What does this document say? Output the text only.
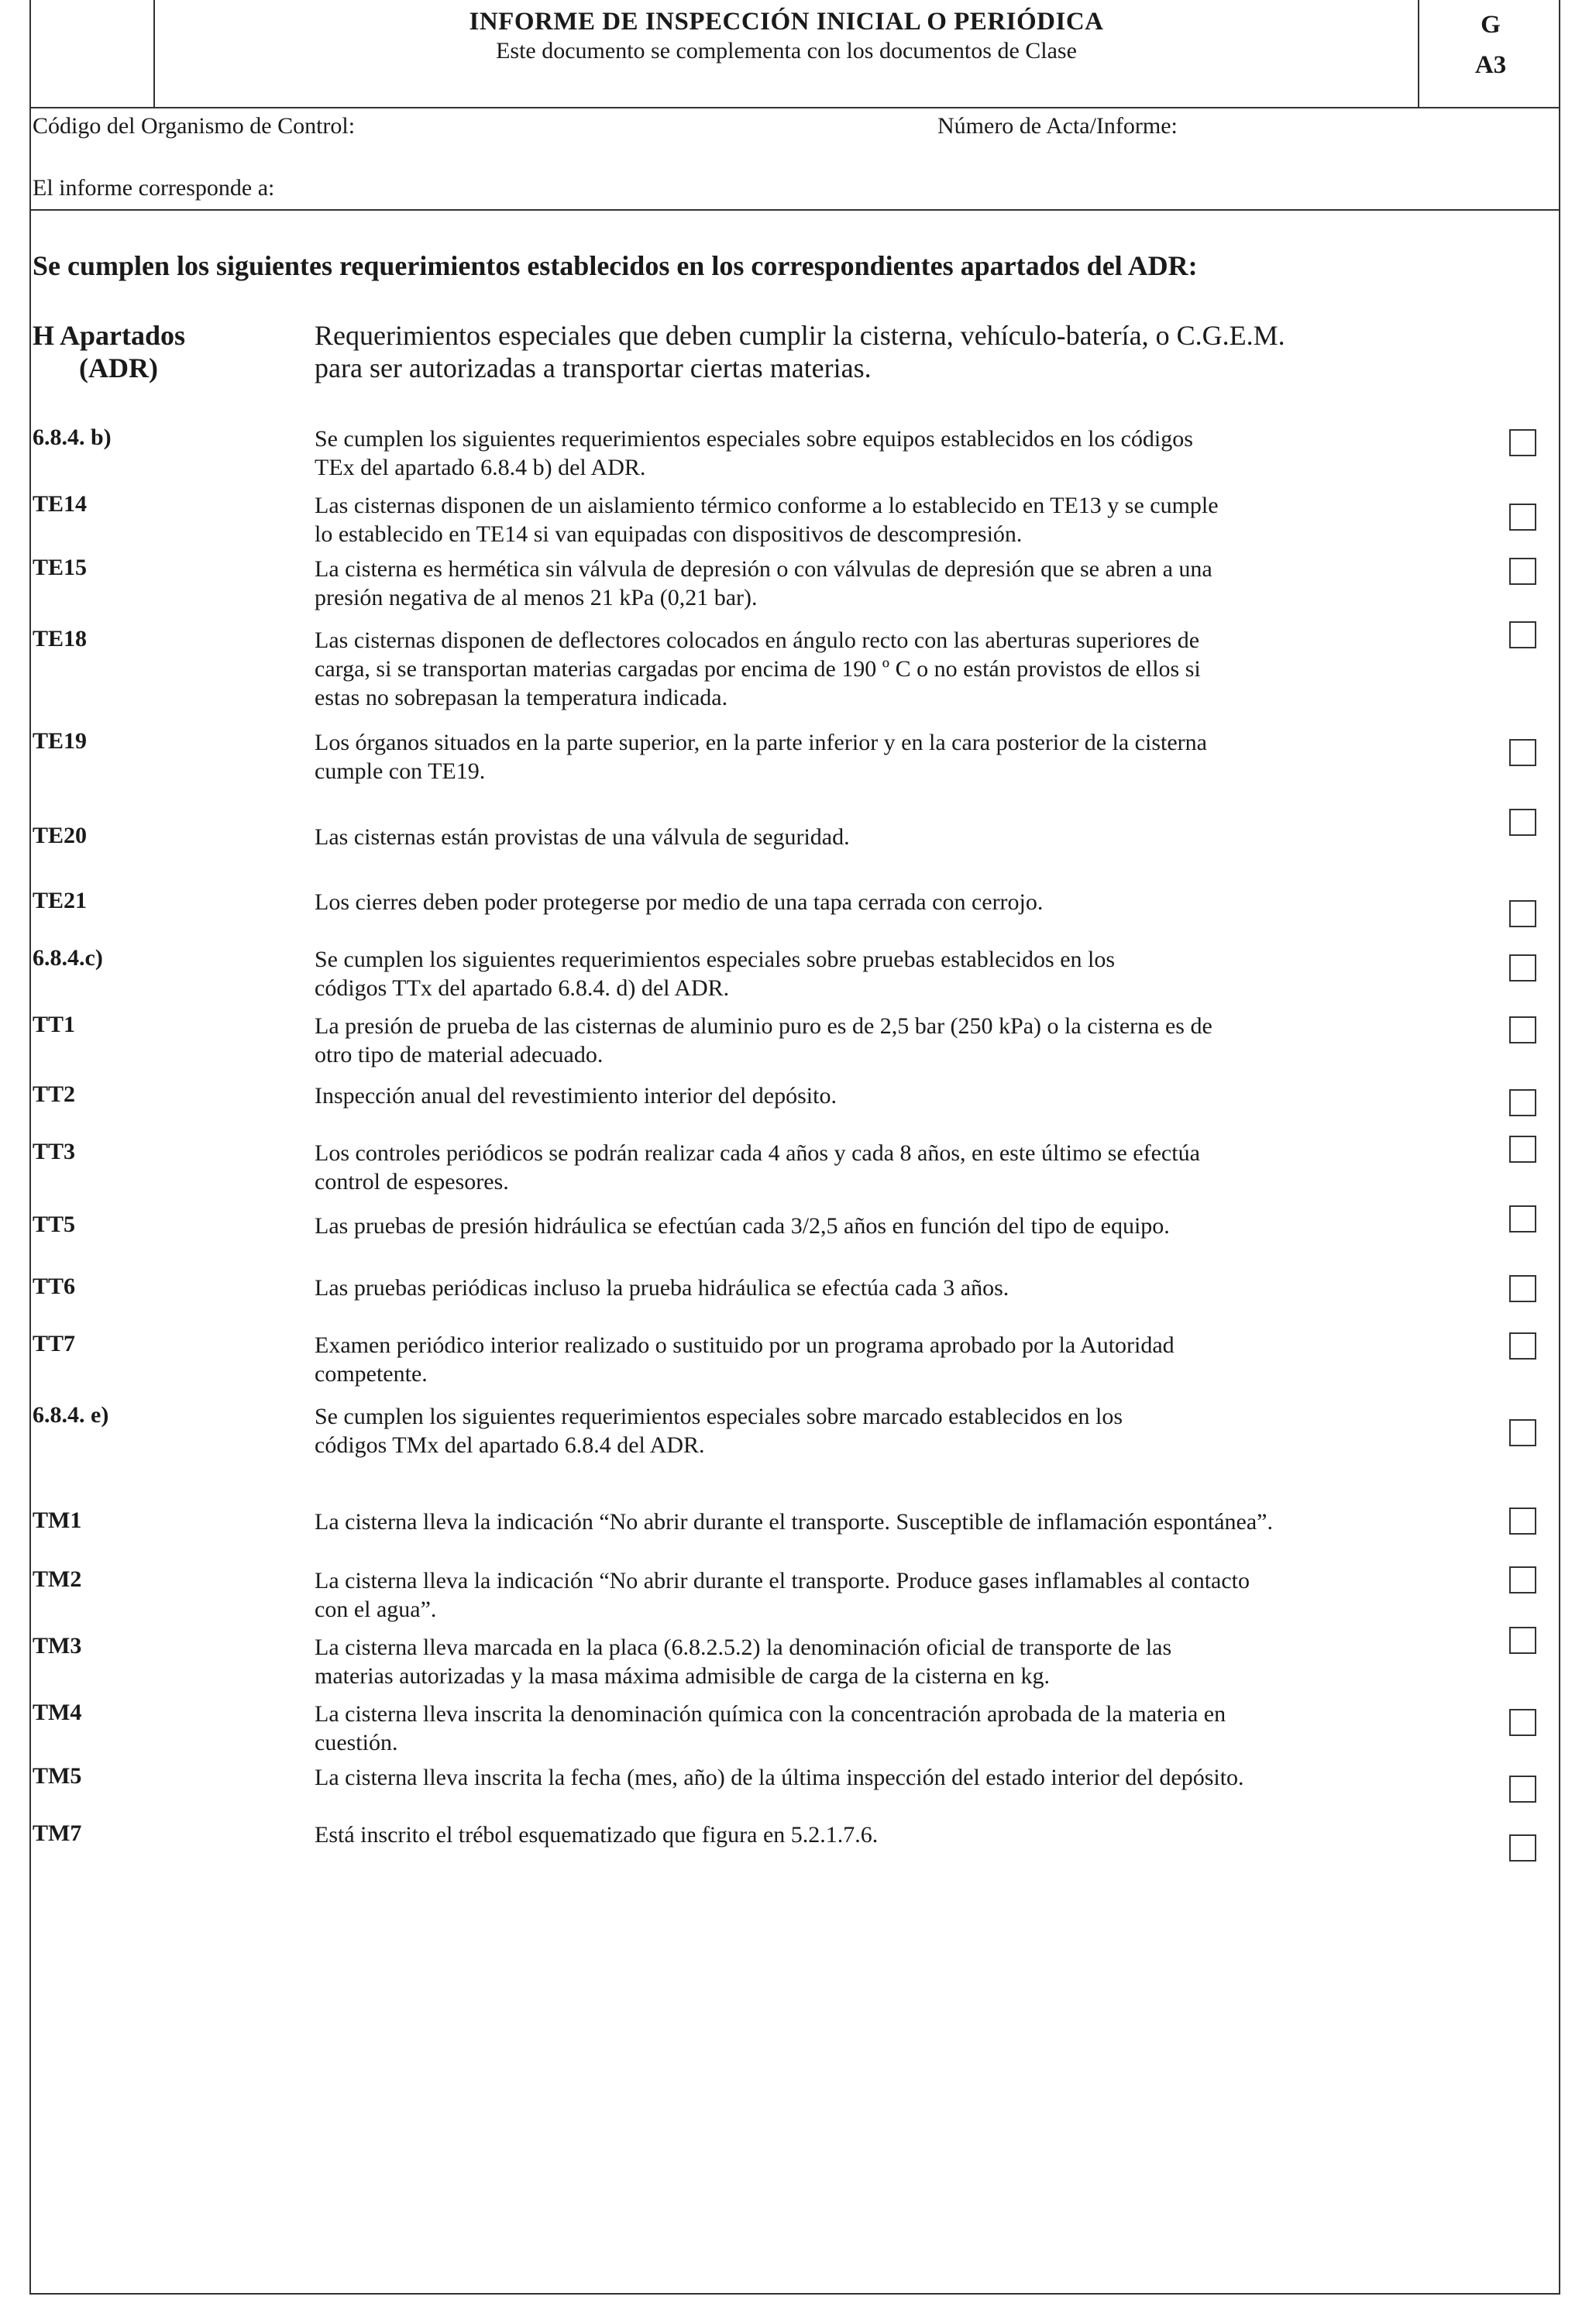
INFORME DE INSPECCIÓN INICIAL O PERIÓDICA
Este documento se complementa con los documentos de Clase
G
A3
Código del Organismo de Control:	Número de Acta/Informe:
El informe corresponde a:
Se cumplen los siguientes requerimientos establecidos en los correspondientes apartados del ADR:
H Apartados
(ADR)
Requerimientos especiales que deben cumplir la cisterna, vehículo-batería, o C.G.E.M.
para ser autorizadas a transportar ciertas materias.
6.8.4. b)	Se cumplen los siguientes requerimientos especiales sobre equipos establecidos en los códigos
TEx del apartado 6.8.4 b) del ADR.
TE14	Las cisternas disponen de un aislamiento térmico conforme a lo establecido en TE13 y se cumple
lo establecido en TE14 si van equipadas con dispositivos de descompresión.
TE15	La cisterna es hermética sin válvula de depresión o con válvulas de depresión que se abren a una
presión negativa de al menos 21 kPa (0,21 bar).
TE18	Las cisternas disponen de deflectores colocados en ángulo recto con las aberturas superiores de
carga, si se transportan materias cargadas por encima de 190 º C o no están provistos de ellos si
estas no sobrepasan la temperatura indicada.
TE19	Los órganos situados en la parte superior, en la parte inferior y en la cara posterior de la cisterna
cumple con TE19.
TE20	Las cisternas están provistas de una válvula de seguridad.
TE21	Los cierres deben poder protegerse por medio de una tapa cerrada con cerrojo.
6.8.4.c)	Se cumplen los siguientes requerimientos especiales sobre pruebas establecidos en los
códigos TTx del apartado 6.8.4. d) del ADR.
TT1	La presión de prueba de las cisternas de aluminio puro es de 2,5 bar (250 kPa) o la cisterna es de
otro tipo de material adecuado.
TT2	Inspección anual del revestimiento interior del depósito.
TT3	Los controles periódicos se podrán realizar cada 4 años y cada 8 años, en este último se efectúa
control de espesores.
TT5	Las pruebas de presión hidráulica se efectúan cada 3/2,5 años en función del tipo de equipo.
TT6	Las pruebas periódicas incluso la prueba hidráulica se efectúa cada 3 años.
TT7	Examen periódico interior realizado o sustituido por un programa aprobado por la Autoridad
competente.
6.8.4. e)	Se cumplen los siguientes requerimientos especiales sobre marcado establecidos en los
códigos TMx del apartado 6.8.4 del ADR.
TM1	La cisterna lleva la indicación “No abrir durante el transporte. Susceptible de inflamación espontánea”.
TM2	La cisterna lleva la indicación “No abrir durante el transporte. Produce gases inflamables al contacto
con el agua”.
TM3	La cisterna lleva marcada en la placa (6.8.2.5.2) la denominación oficial de transporte de las
materias autorizadas y la masa máxima admisible de carga de la cisterna en kg.
TM4	La cisterna lleva inscrita la denominación química con la concentración aprobada de la materia en
cuestión.
TM5	La cisterna lleva inscrita la fecha (mes, año) de la última inspección del estado interior del depósito.
TM7	Está inscrito el trébol esquematizado que figura en 5.2.1.7.6.
